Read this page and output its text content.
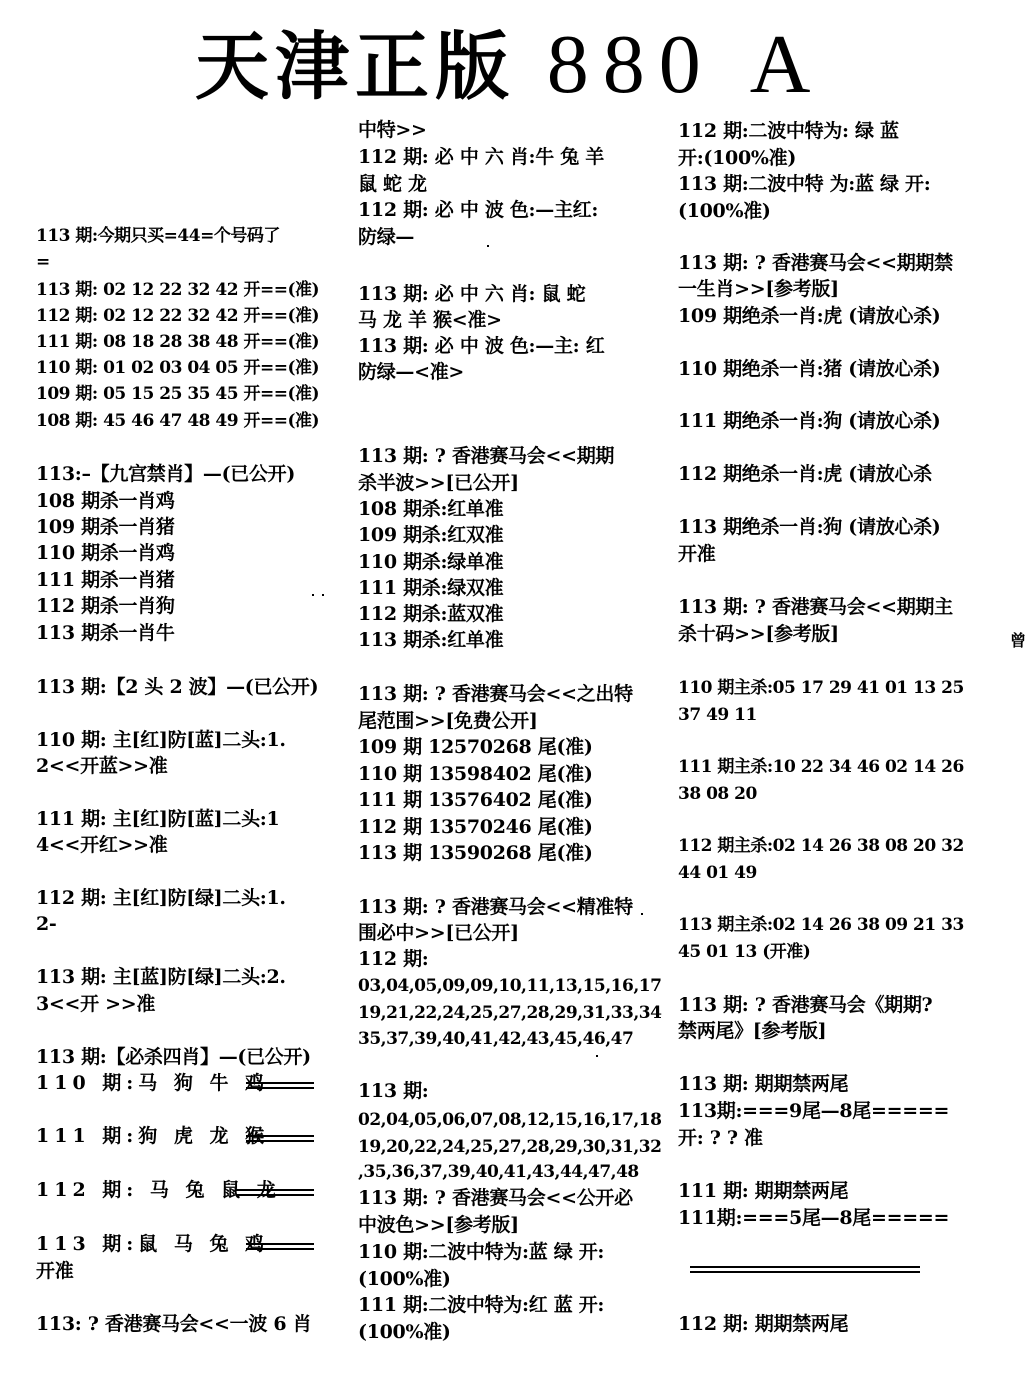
天津正版 880 A
113 期:今期只买=44=个号码了
=
113 期: 02 12 22 32 42 开==(准)
112 期: 02 12 22 32 42 开==(准)
111 期: 08 18 28 38 48 开==(准)
110 期: 01 02 03 04 05 开==(准)
109 期: 05 15 25 35 45 开==(准)
108 期: 45 46 47 48 49 开==(准)
113:–【九宫禁肖】—(已公开)
108 期杀一肖鸡
109 期杀一肖猪
110 期杀一肖鸡
111 期杀一肖猪
112 期杀一肖狗
113 期杀一肖牛
113 期:【2 头 2 波】—(已公开)
110 期: 主[红]防[蓝]二头:1.
2<<开蓝>>准
111 期: 主[红]防[蓝]二头:1
4<<开红>>准
112 期: 主[红]防[绿]二头:1.
2-
113 期: 主[蓝]防[绿]二头:2.
3<<开 >>准
113 期:【必杀四肖】—(已公开)
110 期:马 狗 牛 鸡
111 期:狗 虎 龙 猴
112 期: 马 兔 鼠 龙
113 期:鼠 马 兔 鸡
开准
113: ? 香港赛马会<<一波 6 肖
中特>>
112 期: 必 中 六 肖:牛 兔 羊
鼠 蛇 龙
112 期: 必 中 波 色:—主红:
防绿—
113 期: 必 中 六 肖: 鼠 蛇
马 龙 羊 猴<准>
113 期: 必 中 波 色:—主: 红
防绿—<准>
113 期: ? 香港赛马会<<期期
杀半波>>[已公开]
108 期杀:红单准
109 期杀:红双准
110 期杀:绿单准
111 期杀:绿双准
112 期杀:蓝双准
113 期杀:红单准
113 期: ? 香港赛马会<<之出特
尾范围>>[免费公开]
109 期 12570268 尾(准)
110 期 13598402 尾(准)
111 期 13576402 尾(准)
112 期 13570246 尾(准)
113 期 13590268 尾(准)
113 期: ? 香港赛马会<<精准特
围必中>>[已公开]
112 期:
03,04,05,09,09,10,11,13,15,16,17
19,21,22,24,25,27,28,29,31,33,34
35,37,39,40,41,42,43,45,46,47
113 期:
02,04,05,06,07,08,12,15,16,17,18
19,20,22,24,25,27,28,29,30,31,32
,35,36,37,39,40,41,43,44,47,48
113 期: ? 香港赛马会<<公开必
中波色>>[参考版]
110 期:二波中特为:蓝 绿 开:
(100%准)
111 期:二波中特为:红 蓝 开:
(100%准)
112 期:二波中特为: 绿 蓝
开:(100%准)
113 期:二波中特 为:蓝 绿 开:
(100%准)
113 期: ? 香港赛马会<<期期禁
一生肖>>[参考版]
109 期绝杀一肖:虎 (请放心杀)
110 期绝杀一肖:猪 (请放心杀)
111 期绝杀一肖:狗 (请放心杀)
112 期绝杀一肖:虎 (请放心杀
113 期绝杀一肖:狗 (请放心杀)
开准
113 期: ? 香港赛马会<<期期主
杀十码>>[参考版]
110 期主杀:05 17 29 41 01 13 25
37 49 11
111 期主杀:10 22 34 46 02 14 26
38 08 20
112 期主杀:02 14 26 38 08 20 32
44 01 49
113 期主杀:02 14 26 38 09 21 33
45 01 13 (开准)
113 期: ? 香港赛马会《期期?
禁两尾》[参考版]
113 期: 期期禁两尾
113期:===9尾—8尾=====
开: ? ? 准
111 期: 期期禁两尾
111期:===5尾—8尾=====
112 期: 期期禁两尾
曾
